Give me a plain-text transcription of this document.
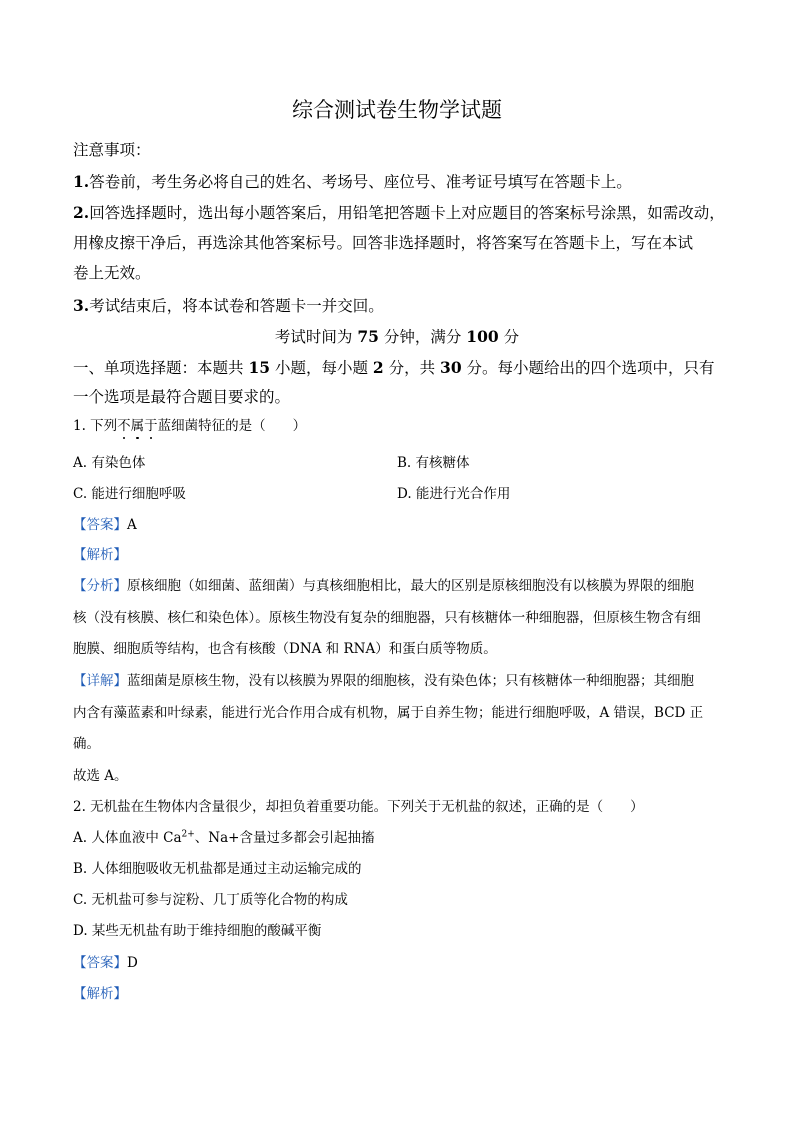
综合测试卷生物学试题
注意事项：
1.答卷前，考生务必将自己的姓名、考场号、座位号、准考证号填写在答题卡上。
2.回答选择题时，选出每小题答案后，用铅笔把答题卡上对应题目的答案标号涂黑，如需改动，
用橡皮擦干净后，再选涂其他答案标号。回答非选择题时，将答案写在答题卡上，写在本试
卷上无效。
3.考试结束后，将本试卷和答题卡一并交回。
考试时间为 75 分钟，满分 100 分
一、单项选择题：本题共 15 小题，每小题 2 分，共 30 分。每小题给出的四个选项中，只有
一个选项是最符合题目要求的。
1. 下列不属于蓝细菌特征的是（　　）
A. 有染色体	B. 有核糖体
C. 能进行细胞呼吸	D. 能进行光合作用
【答案】A
【解析】
【分析】原核细胞（如细菌、蓝细菌）与真核细胞相比，最大的区别是原核细胞没有以核膜为界限的细胞
核（没有核膜、核仁和染色体）。原核生物没有复杂的细胞器，只有核糖体一种细胞器，但原核生物含有细
胞膜、细胞质等结构，也含有核酸（DNA 和 RNA）和蛋白质等物质。
【详解】蓝细菌是原核生物，没有以核膜为界限的细胞核，没有染色体；只有核糖体一种细胞器；其细胞
内含有藻蓝素和叶绿素，能进行光合作用合成有机物，属于自养生物；能进行细胞呼吸，A 错误，BCD 正
确。
故选 A。
2. 无机盐在生物体内含量很少，却担负着重要功能。下列关于无机盐的叙述，正确的是（　　）
A. 人体血液中 $Ca^{2+}$、Na+含量过多都会引起抽搐
B. 人体细胞吸收无机盐都是通过主动运输完成的
C. 无机盐可参与淀粉、几丁质等化合物的构成
D. 某些无机盐有助于维持细胞的酸碱平衡
【答案】D
【解析】
